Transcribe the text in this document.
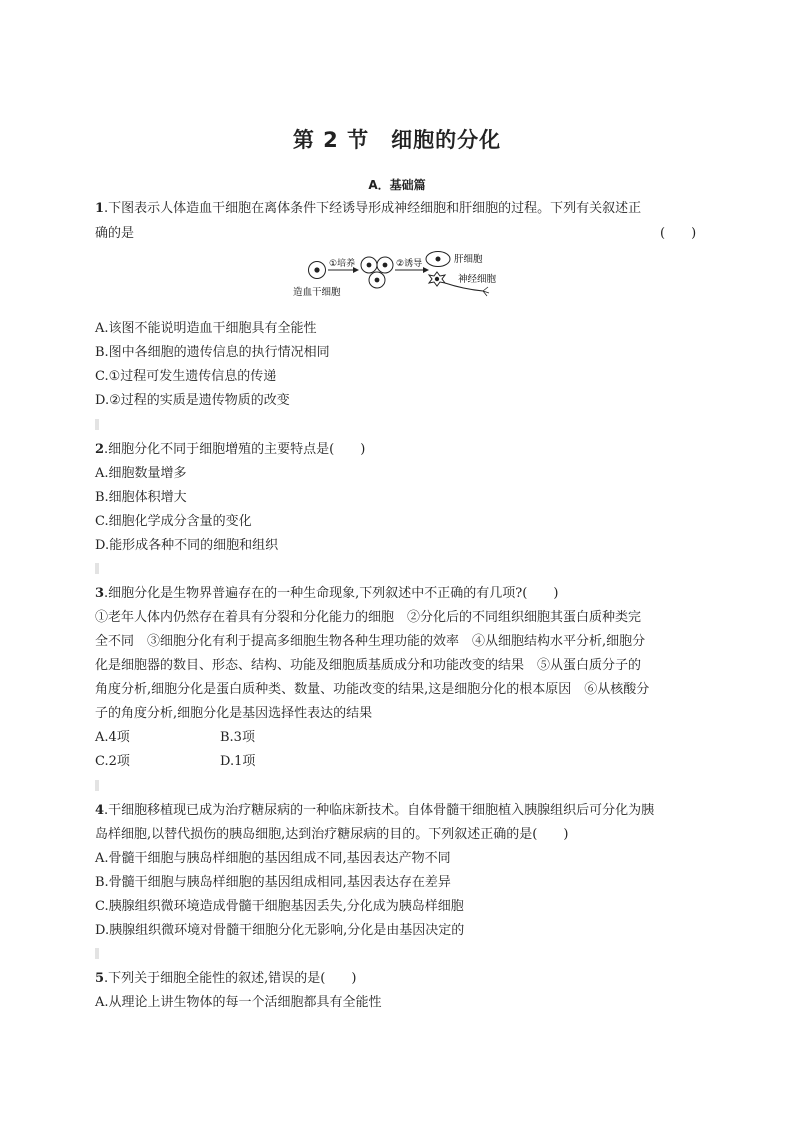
第 2 节　细胞的分化
A．基础篇
1.下图表示人体造血干细胞在离体条件下经诱导形成神经细胞和肝细胞的过程。下列有关叙述正
确的是	(　　)
造血干细胞
①培养	②诱导	肝细胞
神经细胞
A.该图不能说明造血干细胞具有全能性
B.图中各细胞的遗传信息的执行情况相同
C.①过程可发生遗传信息的传递
D.②过程的实质是遗传物质的改变
2.细胞分化不同于细胞增殖的主要特点是(　　)
A.细胞数量增多
B.细胞体积增大
C.细胞化学成分含量的变化
D.能形成各种不同的细胞和组织
3.细胞分化是生物界普遍存在的一种生命现象,下列叙述中不正确的有几项?(　　)
①老年人体内仍然存在着具有分裂和分化能力的细胞　②分化后的不同组织细胞其蛋白质种类完
全不同　③细胞分化有利于提高多细胞生物各种生理功能的效率　④从细胞结构水平分析,细胞分
化是细胞器的数目、形态、结构、功能及细胞质基质成分和功能改变的结果　⑤从蛋白质分子的
角度分析,细胞分化是蛋白质种类、数量、功能改变的结果,这是细胞分化的根本原因　⑥从核酸分
子的角度分析,细胞分化是基因选择性表达的结果
A.4项	B.3项
C.2项	D.1项
4.干细胞移植现已成为治疗糖尿病的一种临床新技术。自体骨髓干细胞植入胰腺组织后可分化为胰
岛样细胞,以替代损伤的胰岛细胞,达到治疗糖尿病的目的。下列叙述正确的是(　　)
A.骨髓干细胞与胰岛样细胞的基因组成不同,基因表达产物不同
B.骨髓干细胞与胰岛样细胞的基因组成相同,基因表达存在差异
C.胰腺组织微环境造成骨髓干细胞基因丢失,分化成为胰岛样细胞
D.胰腺组织微环境对骨髓干细胞分化无影响,分化是由基因决定的
5.下列关于细胞全能性的叙述,错误的是(　　)
A.从理论上讲生物体的每一个活细胞都具有全能性
